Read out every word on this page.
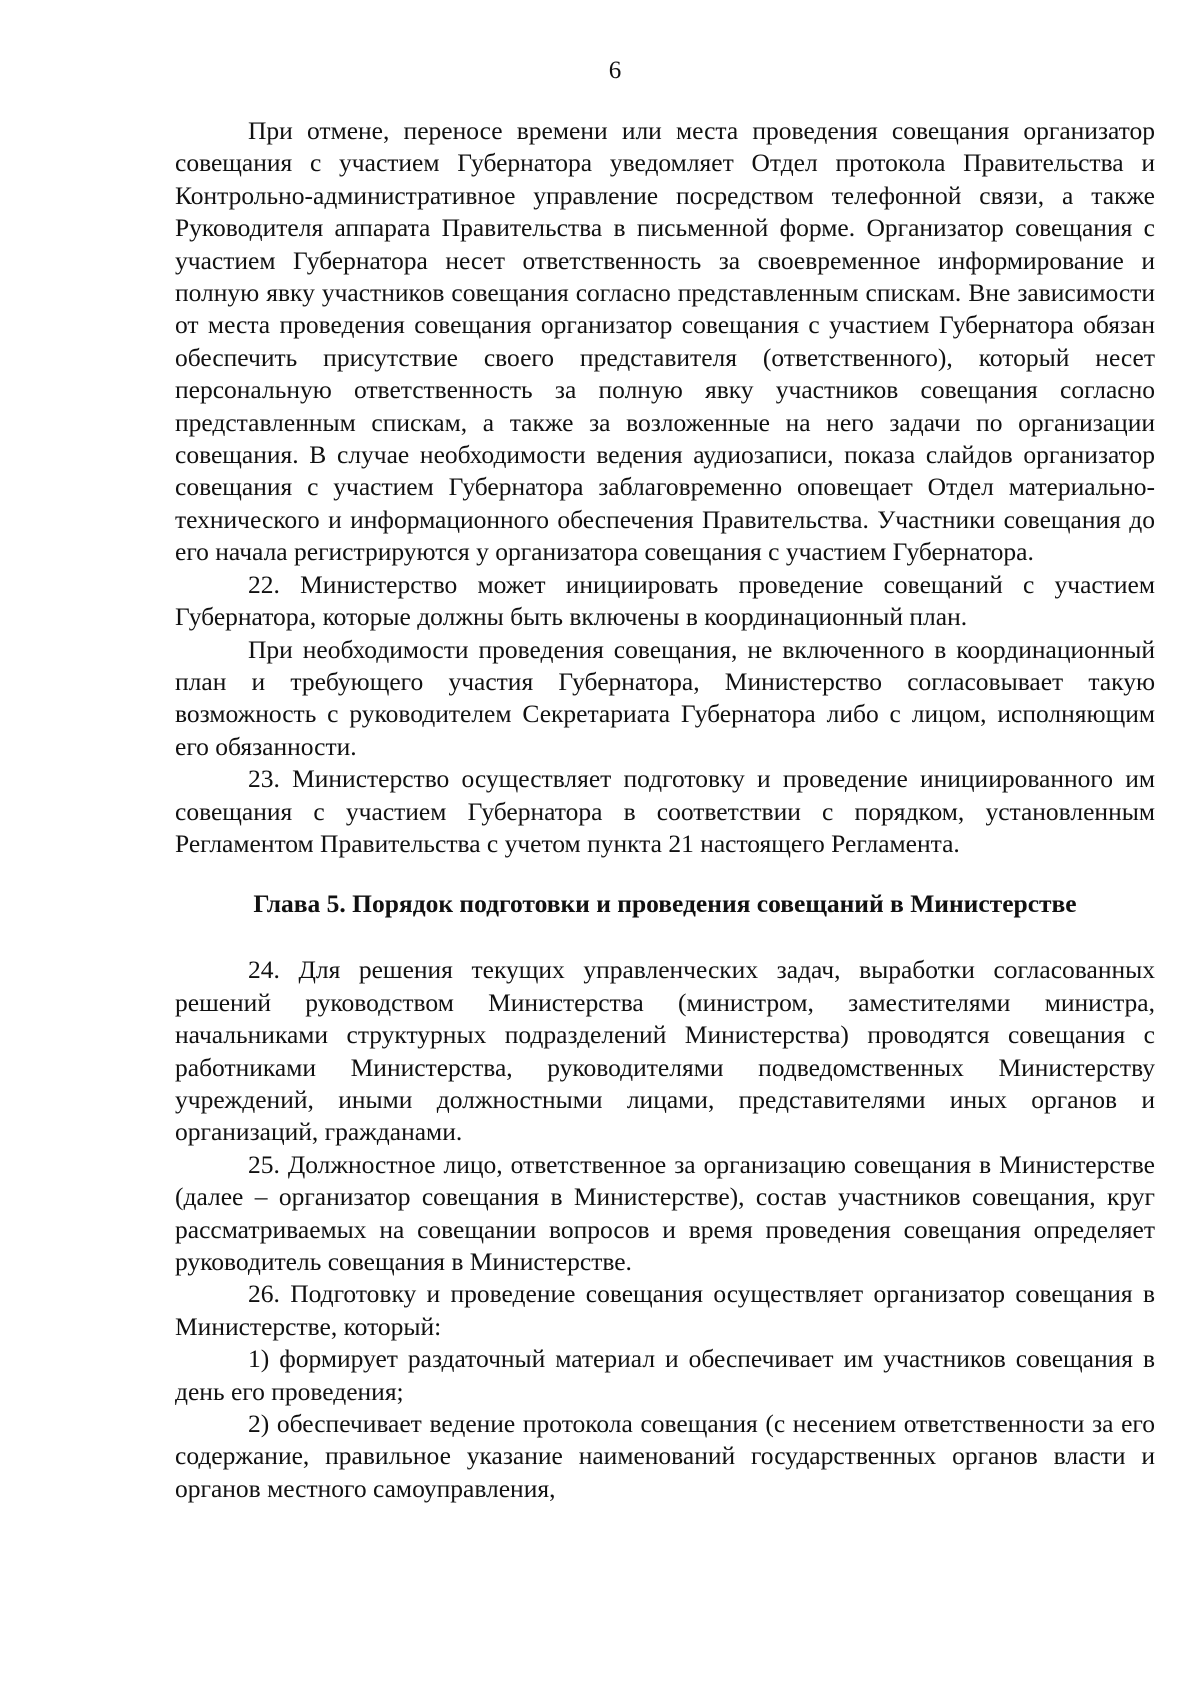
6

При отмене, переносе времени или места проведения совещания организатор совещания с участием Губернатора уведомляет Отдел протокола Правительства и Контрольно-административное управление посредством телефонной связи, а также Руководителя аппарата Правительства в письменной форме. Организатор совещания с участием Губернатора несет ответственность за своевременное информирование и полную явку участников совещания согласно представленным спискам. Вне зависимости от места проведения совещания организатор совещания с участием Губернатора обязан обеспечить присутствие своего представителя (ответственного), который несет персональную ответственность за полную явку участников совещания согласно представленным спискам, а также за возложенные на него задачи по организации совещания. В случае необходимости ведения аудиозаписи, показа слайдов организатор совещания с участием Губернатора заблаговременно оповещает Отдел материально-технического и информационного обеспечения Правительства. Участники совещания до его начала регистрируются у организатора совещания с участием Губернатора.

22. Министерство может инициировать проведение совещаний с участием Губернатора, которые должны быть включены в координационный план.

При необходимости проведения совещания, не включенного в координационный план и требующего участия Губернатора, Министерство согласовывает такую возможность с руководителем Секретариата Губернатора либо с лицом, исполняющим его обязанности.

23. Министерство осуществляет подготовку и проведение инициированного им совещания с участием Губернатора в соответствии с порядком, установленным Регламентом Правительства с учетом пункта 21 настоящего Регламента.

Глава 5. Порядок подготовки и проведения совещаний в Министерстве

24. Для решения текущих управленческих задач, выработки согласованных решений руководством Министерства (министром, заместителями министра, начальниками структурных подразделений Министерства) проводятся совещания с работниками Министерства, руководителями подведомственных Министерству учреждений, иными должностными лицами, представителями иных органов и организаций, гражданами.

25. Должностное лицо, ответственное за организацию совещания в Министерстве (далее – организатор совещания в Министерстве), состав участников совещания, круг рассматриваемых на совещании вопросов и время проведения совещания определяет руководитель совещания в Министерстве.

26. Подготовку и проведение совещания осуществляет организатор совещания в Министерстве, который:

1) формирует раздаточный материал и обеспечивает им участников совещания в день его проведения;

2) обеспечивает ведение протокола совещания (с несением ответственности за его содержание, правильное указание наименований государственных органов власти и органов местного самоуправления,
